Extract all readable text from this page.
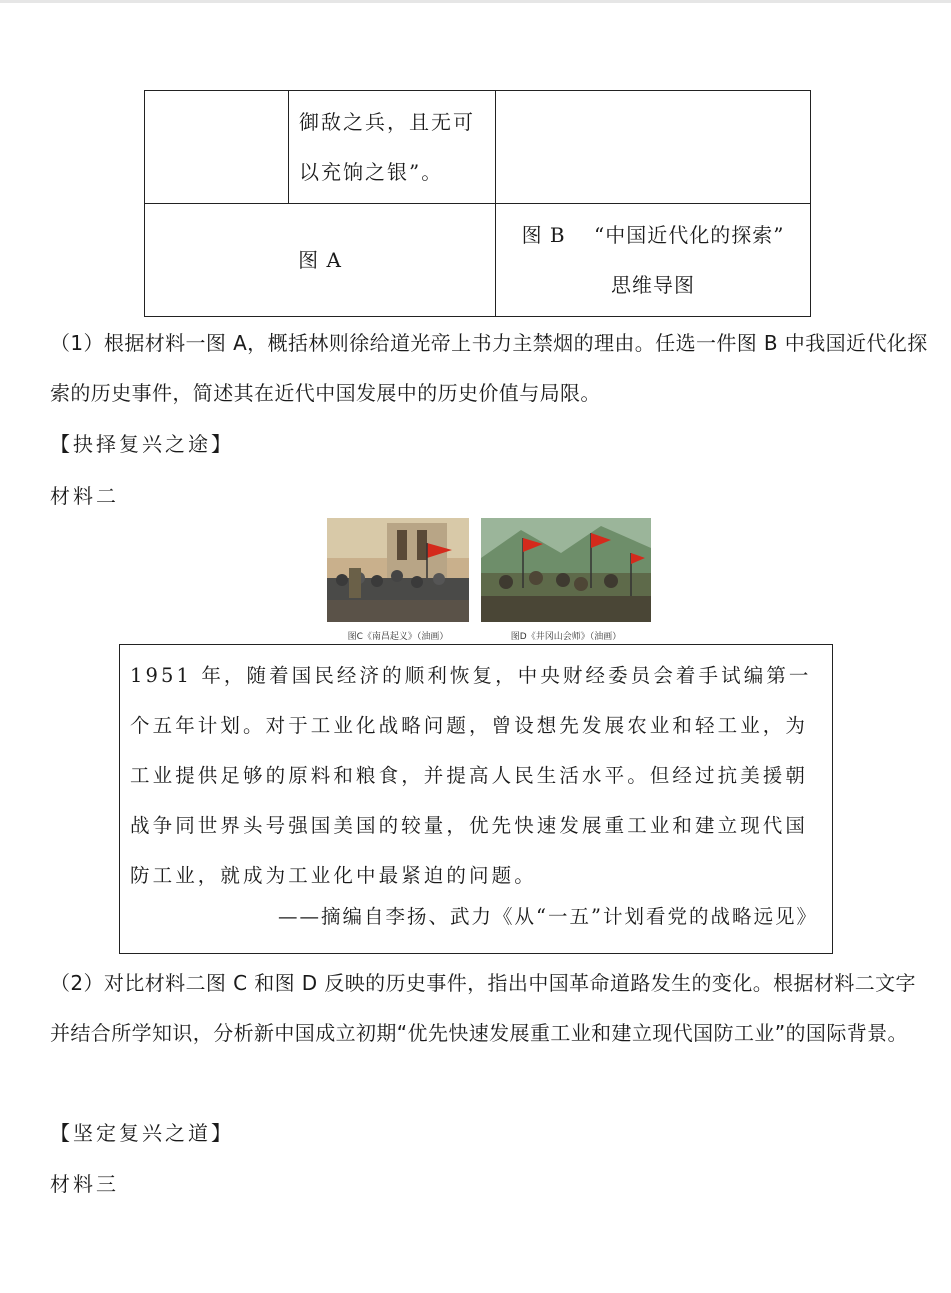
	御敌之兵，且无可以充饷之银”。	
图 A		图 B　 “中国近代化的探索”
思维导图
（1）根据材料一图 A，概括林则徐给道光帝上书力主禁烟的理由。任选一件图 B 中我国近代化探索的历史事件，简述其在近代中国发展中的历史价值与局限。
【抉择复兴之途】
材料二
图C《南昌起义》（油画）	图D《井冈山会师》（油画）
1951 年，随着国民经济的顺利恢复，中央财经委员会着手试编第一个五年计划。对于工业化战略问题，曾设想先发展农业和轻工业，为工业提供足够的原料和粮食，并提高人民生活水平。但经过抗美援朝战争同世界头号强国美国的较量，优先快速发展重工业和建立现代国防工业，就成为工业化中最紧迫的问题。
——摘编自李扬、武力《从“一五”计划看党的战略远见》
（2）对比材料二图 C 和图 D 反映的历史事件，指出中国革命道路发生的变化。根据材料二文字并结合所学知识，分析新中国成立初期“优先快速发展重工业和建立现代国防工业”的国际背景。
【坚定复兴之道】
材料三
